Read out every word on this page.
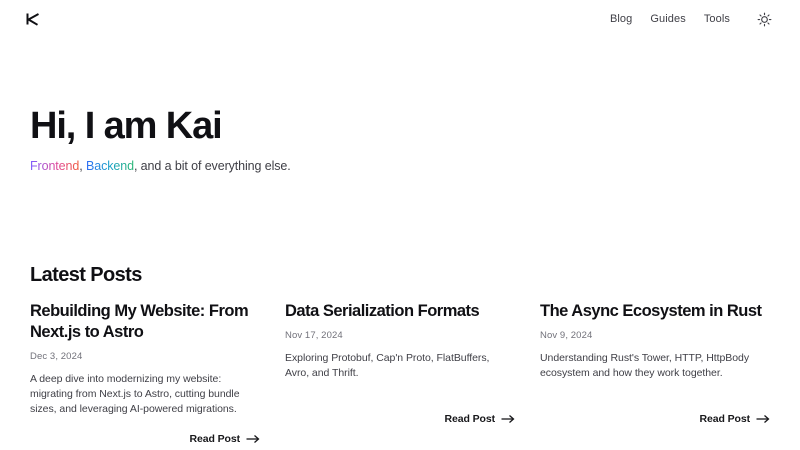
Blog Guides Tools
Hi, I am Kai

Frontend, Backend, and a bit of everything else.

Latest Posts
Rebuilding My Website: From Next.js to Astro

Dec 3, 2024

A deep dive into modernizing my website: migrating from Next.js to Astro, cutting bundle sizes, and leveraging AI-powered migrations.

Read Post
Data Serialization Formats

Nov 17, 2024

Exploring Protobuf, Cap'n Proto, FlatBuffers, Avro, and Thrift.

Read Post
The Async Ecosystem in Rust

Nov 9, 2024

Understanding Rust's Tower, HTTP, HttpBody ecosystem and how they work together.

Read Post
